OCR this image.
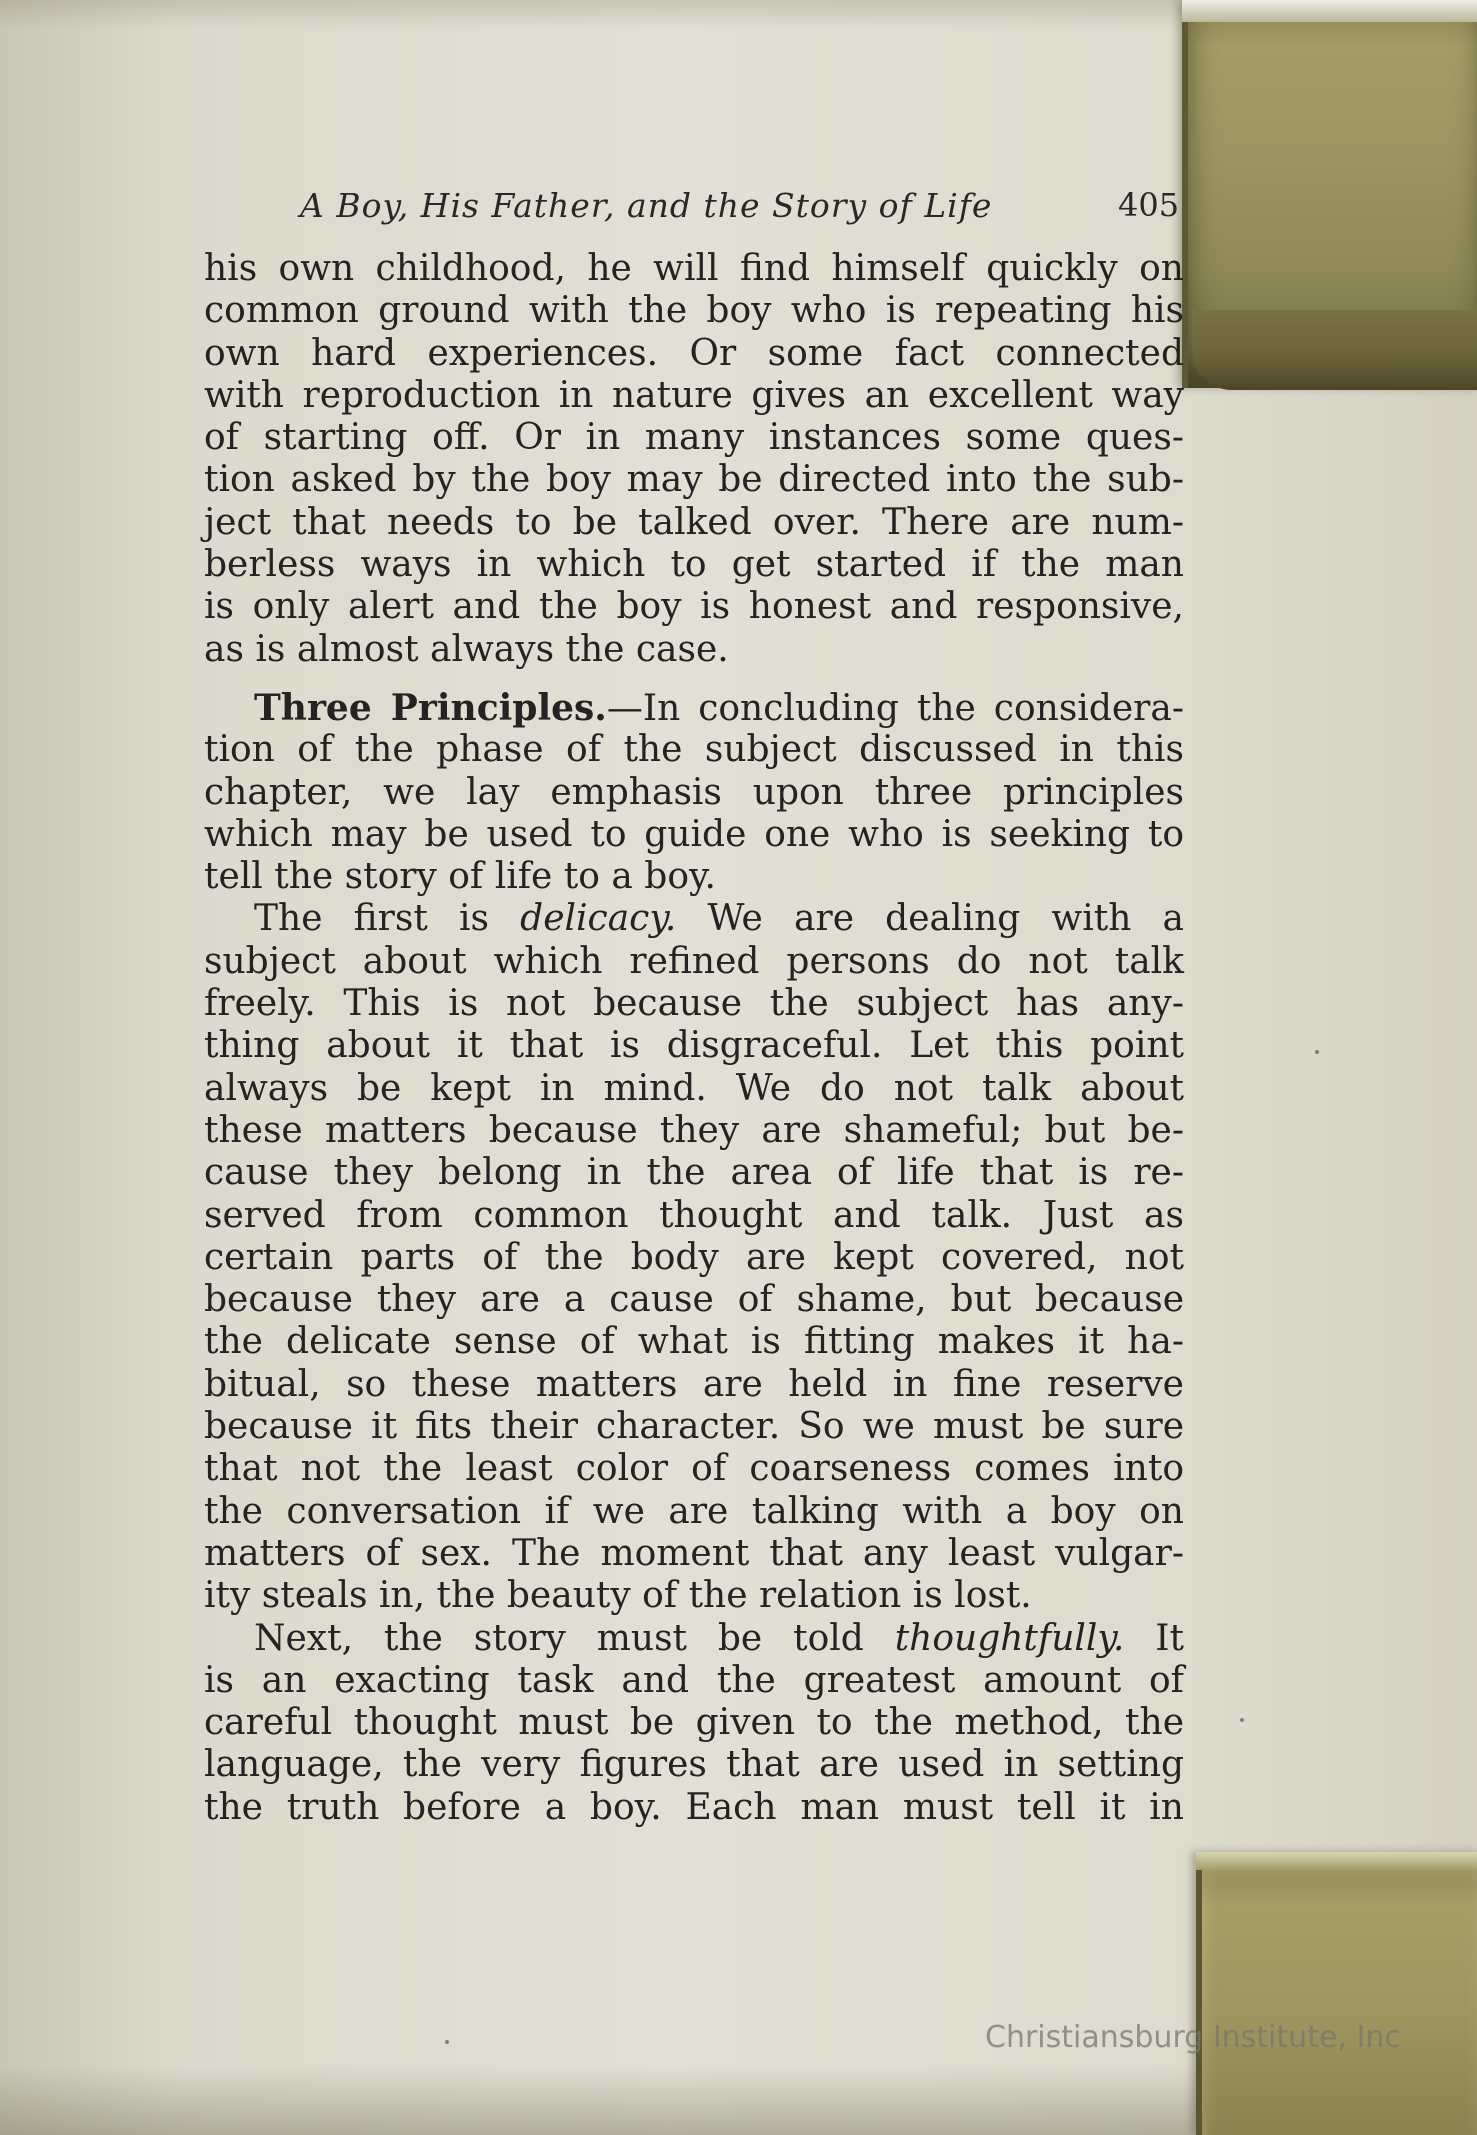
A Boy, His Father, and the Story of Life	405
his own childhood, he will find himself quickly on
common ground with the boy who is repeating his
own hard experiences. Or some fact connected
with reproduction in nature gives an excellent way
of starting off. Or in many instances some ques-
tion asked by the boy may be directed into the sub-
ject that needs to be talked over. There are num-
berless ways in which to get started if the man
is only alert and the boy is honest and responsive,
as is almost always the case.
Three Principles.—In concluding the considera-
tion of the phase of the subject discussed in this
chapter, we lay emphasis upon three principles
which may be used to guide one who is seeking to
tell the story of life to a boy.
The first is delicacy. We are dealing with a
subject about which refined persons do not talk
freely. This is not because the subject has any-
thing about it that is disgraceful. Let this point
always be kept in mind. We do not talk about
these matters because they are shameful; but be-
cause they belong in the area of life that is re-
served from common thought and talk. Just as
certain parts of the body are kept covered, not
because they are a cause of shame, but because
the delicate sense of what is fitting makes it ha-
bitual, so these matters are held in fine reserve
because it fits their character. So we must be sure
that not the least color of coarseness comes into
the conversation if we are talking with a boy on
matters of sex. The moment that any least vulgar-
ity steals in, the beauty of the relation is lost.
Next, the story must be told thoughtfully. It
is an exacting task and the greatest amount of
careful thought must be given to the method, the
language, the very figures that are used in setting
the truth before a boy. Each man must tell it in
Christiansburg Institute, Inc
